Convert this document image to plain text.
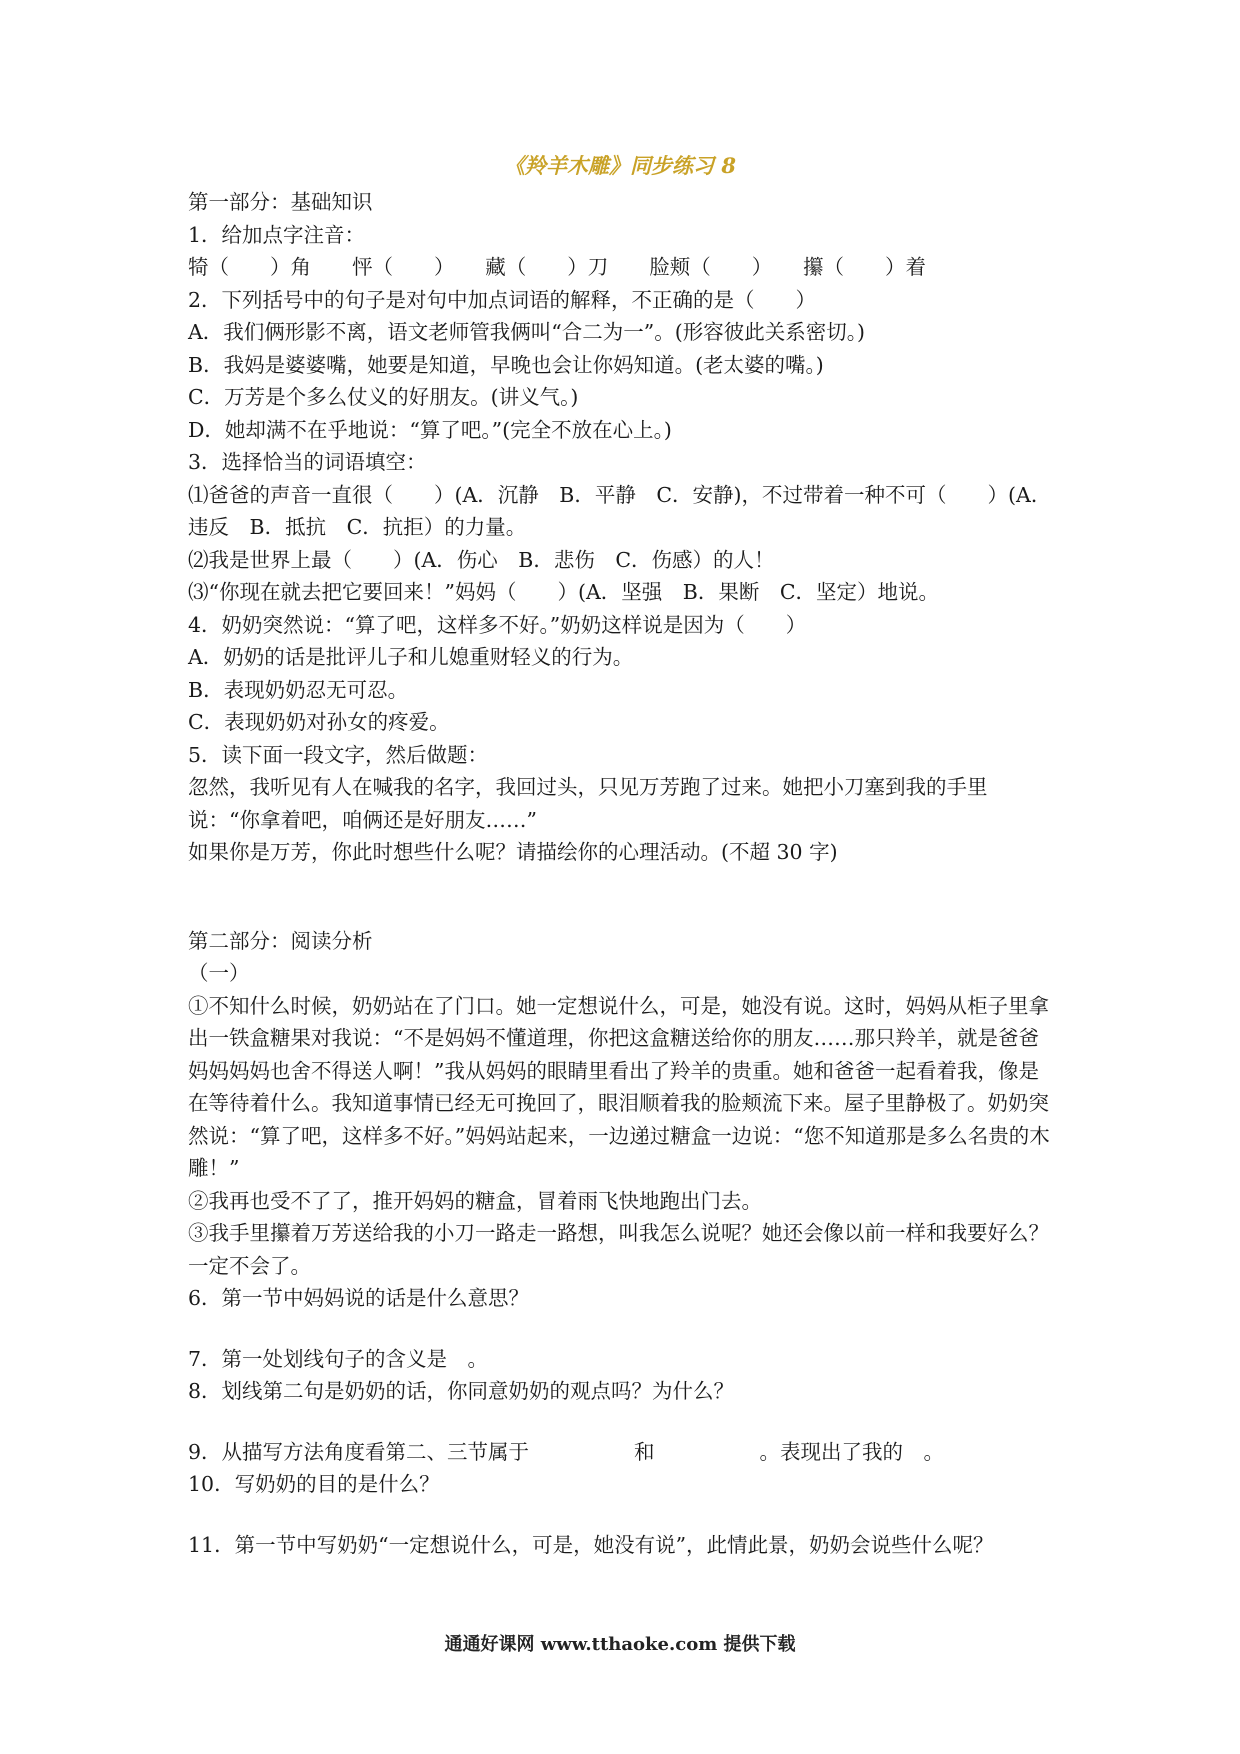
《羚羊木雕》同步练习 8
第一部分：基础知识
1．给加点字注音：
犄（　　）角　　怦（　　）　　藏（　　）刀　　脸颊（　　）　　攥（　　）着
2．下列括号中的句子是对句中加点词语的解释，不正确的是（　　）
A．我们俩形影不离，语文老师管我俩叫“合二为一”。(形容彼此关系密切。)
B．我妈是婆婆嘴，她要是知道，早晚也会让你妈知道。(老太婆的嘴。)
C．万芳是个多么仗义的好朋友。(讲义气。)
D．她却满不在乎地说：“算了吧。”(完全不放在心上。)
3．选择恰当的词语填空：
⑴爸爸的声音一直很（　　）(A．沉静　B．平静　C．安静)，不过带着一种不可（　　）(A．违反　B．抵抗　C．抗拒）的力量。
⑵我是世界上最（　　）(A．伤心　B．悲伤　C．伤感）的人！
⑶“你现在就去把它要回来！”妈妈（　　）(A．坚强　B．果断　C．坚定）地说。
4．奶奶突然说：“算了吧，这样多不好。”奶奶这样说是因为（　　）
A．奶奶的话是批评儿子和儿媳重财轻义的行为。
B．表现奶奶忍无可忍。
C．表现奶奶对孙女的疼爱。
5．读下面一段文字，然后做题：
忽然，我听见有人在喊我的名字，我回过头，只见万芳跑了过来。她把小刀塞到我的手里说：“你拿着吧，咱俩还是好朋友……”
如果你是万芳，你此时想些什么呢？请描绘你的心理活动。(不超 30 字)
第二部分：阅读分析
（一）
①不知什么时候，奶奶站在了门口。她一定想说什么，可是，她没有说。这时，妈妈从柜子里拿出一铁盒糖果对我说：“不是妈妈不懂道理，你把这盒糖送给你的朋友……那只羚羊，就是爸爸妈妈妈妈也舍不得送人啊！”我从妈妈的眼睛里看出了羚羊的贵重。她和爸爸一起看着我，像是在等待着什么。我知道事情已经无可挽回了，眼泪顺着我的脸颊流下来。屋子里静极了。奶奶突然说：“算了吧，这样多不好。”妈妈站起来，一边递过糖盒一边说：“您不知道那是多么名贵的木雕！”
②我再也受不了了，推开妈妈的糖盒，冒着雨飞快地跑出门去。
③我手里攥着万芳送给我的小刀一路走一路想，叫我怎么说呢？她还会像以前一样和我要好么？一定不会了。
6．第一节中妈妈说的话是什么意思？
7．第一处划线句子的含义是　。
8．划线第二句是奶奶的话，你同意奶奶的观点吗？为什么？
9．从描写方法角度看第二、三节属于	和	。表现出了我的　。
10．写奶奶的目的是什么？
11．第一节中写奶奶“一定想说什么，可是，她没有说”，此情此景，奶奶会说些什么呢？
通通好课网 www.tthaoke.com 提供下载
